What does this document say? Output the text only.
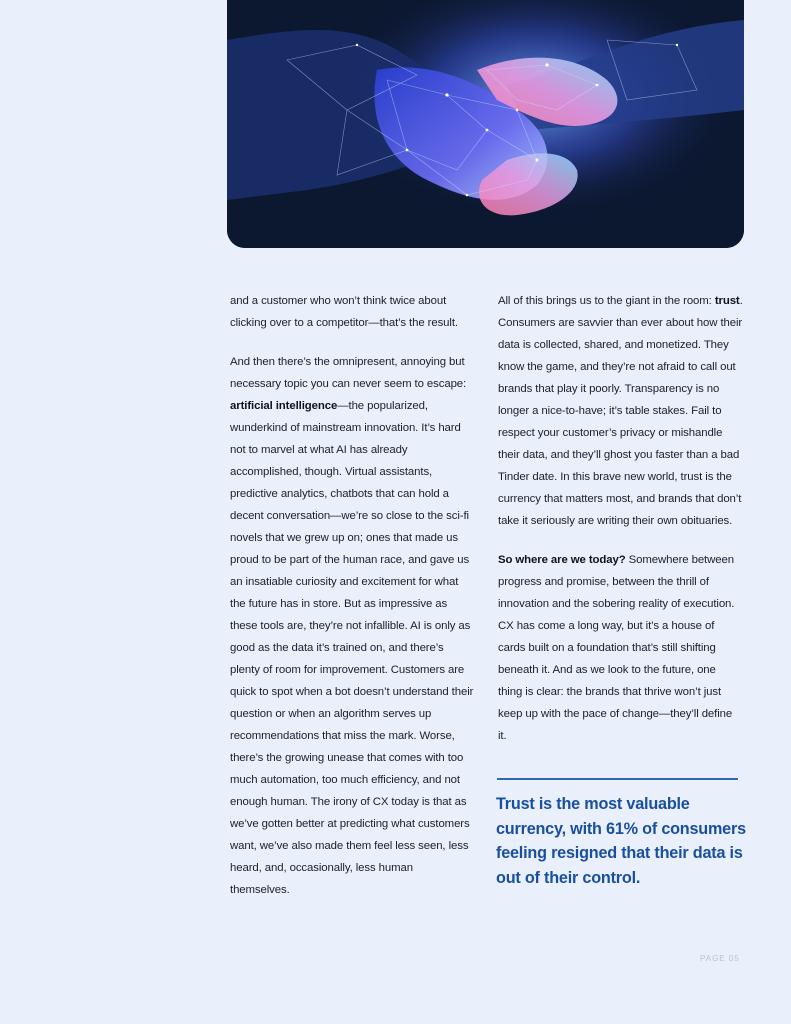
and a customer who won’t think twice about clicking over to a competitor—that’s the result.

And then there’s the omnipresent, annoying but necessary topic you can never seem to escape: artificial intelligence—the popularized, wunderkind of mainstream innovation. It’s hard not to marvel at what AI has already accomplished, though. Virtual assistants, predictive analytics, chatbots that can hold a decent conversation—we’re so close to the sci-fi novels that we grew up on; ones that made us proud to be part of the human race, and gave us an insatiable curiosity and excitement for what the future has in store. But as impressive as these tools are, they’re not infallible. AI is only as good as the data it’s trained on, and there’s plenty of room for improvement. Customers are quick to spot when a bot doesn’t understand their question or when an algorithm serves up recommendations that miss the mark. Worse, there’s the growing unease that comes with too much automation, too much efficiency, and not enough human. The irony of CX today is that as we’ve gotten better at predicting what customers want, we’ve also made them feel less seen, less heard, and, occasionally, less human themselves.

All of this brings us to the giant in the room: trust. Consumers are savvier than ever about how their data is collected, shared, and monetized. They know the game, and they’re not afraid to call out brands that play it poorly. Transparency is no longer a nice-to-have; it’s table stakes. Fail to respect your customer’s privacy or mishandle their data, and they’ll ghost you faster than a bad Tinder date. In this brave new world, trust is the currency that matters most, and brands that don’t take it seriously are writing their own obituaries.

So where are we today? Somewhere between progress and promise, between the thrill of innovation and the sobering reality of execution. CX has come a long way, but it’s a house of cards built on a foundation that’s still shifting beneath it. And as we look to the future, one thing is clear: the brands that thrive won’t just keep up with the pace of change—they’ll define it.

Trust is the most valuable currency, with 61% of consumers feeling resigned that their data is out of their control.
PAGE 05
